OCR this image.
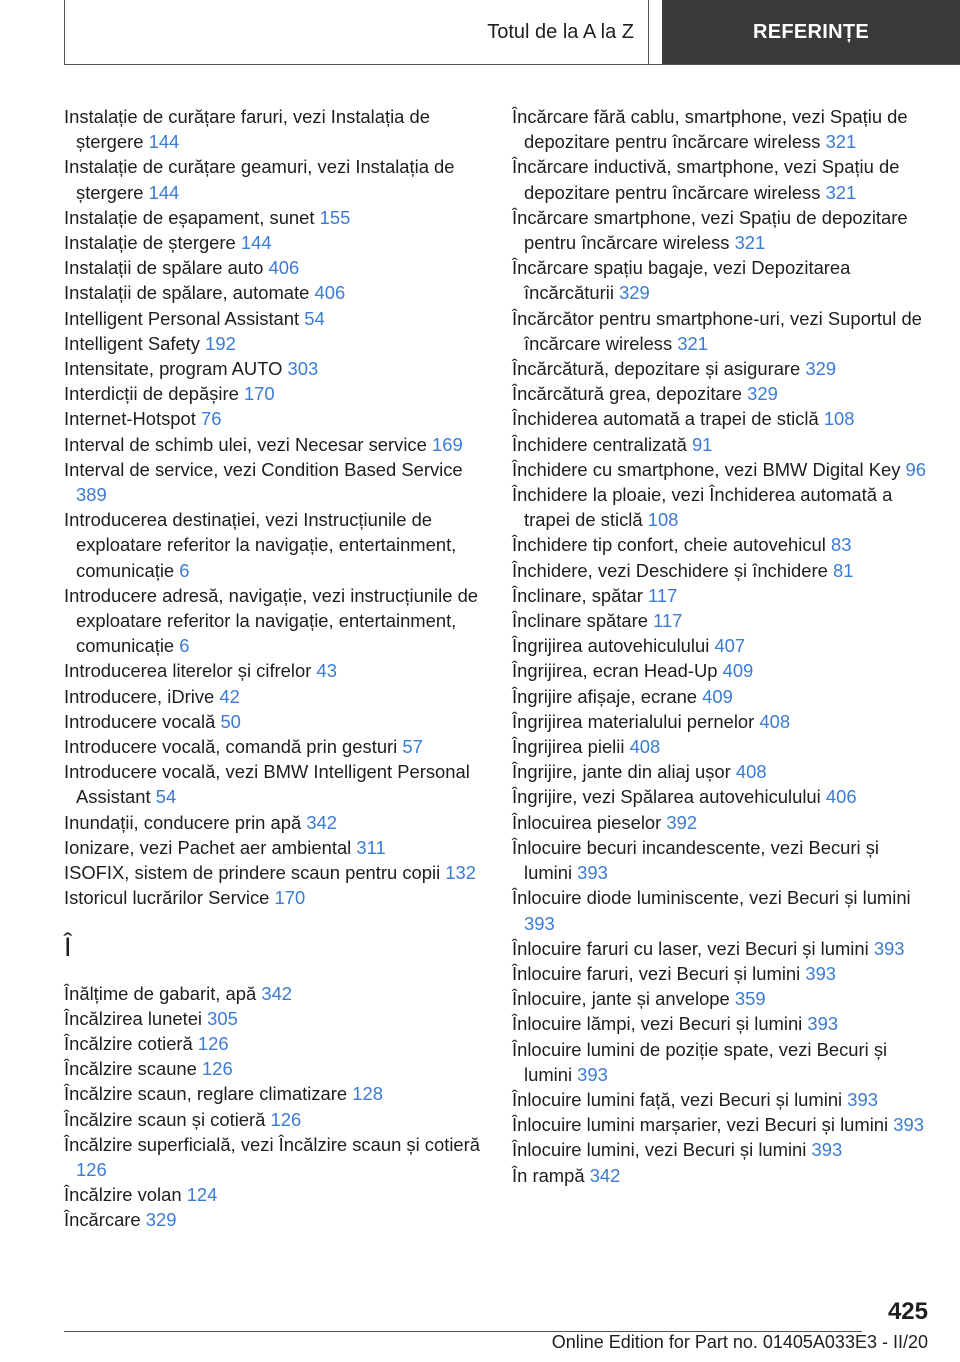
Totul de la A la Z	REFERINȚE
Instalație de curățare faruri, vezi Instalația de ștergere 144
Instalație de curățare geamuri, vezi Instalația de ștergere 144
Instalație de eșapament, sunet 155
Instalație de ștergere 144
Instalații de spălare auto 406
Instalații de spălare, automate 406
Intelligent Personal Assistant 54
Intelligent Safety 192
Intensitate, program AUTO 303
Interdicții de depășire 170
Internet-Hotspot 76
Interval de schimb ulei, vezi Necesar service 169
Interval de service, vezi Condition Based Service 389
Introducerea destinației, vezi Instrucțiunile de exploatare referitor la navigație, entertainment, comunicație 6
Introducere adresă, navigație, vezi instrucțiunile de exploatare referitor la navigație, entertainment, comunicație 6
Introducerea literelor și cifrelor 43
Introducere, iDrive 42
Introducere vocală 50
Introducere vocală, comandă prin gesturi 57
Introducere vocală, vezi BMW Intelligent Personal Assistant 54
Inundații, conducere prin apă 342
Ionizare, vezi Pachet aer ambiental 311
ISOFIX, sistem de prindere scaun pentru copii 132
Istoricul lucrărilor Service 170
Î
Înălțime de gabarit, apă 342
Încălzirea lunetei 305
Încălzire cotieră 126
Încălzire scaune 126
Încălzire scaun, reglare climatizare 128
Încălzire scaun și cotieră 126
Încălzire superficială, vezi Încălzire scaun și cotieră 126
Încălzire volan 124
Încărcare 329
Încărcare fără cablu, smartphone, vezi Spațiu de depozitare pentru încărcare wireless 321
Încărcare inductivă, smartphone, vezi Spațiu de depozitare pentru încărcare wireless 321
Încărcare smartphone, vezi Spațiu de depozitare pentru încărcare wireless 321
Încărcare spațiu bagaje, vezi Depozitarea încărcăturii 329
Încărcător pentru smartphone-uri, vezi Suportul de încărcare wireless 321
Încărcătură, depozitare și asigurare 329
Încărcătură grea, depozitare 329
Închiderea automată a trapei de sticlă 108
Închidere centralizată 91
Închidere cu smartphone, vezi BMW Digital Key 96
Închidere la ploaie, vezi Închiderea automată a trapei de sticlă 108
Închidere tip confort, cheie autovehicul 83
Închidere, vezi Deschidere și închidere 81
Înclinare, spătar 117
Înclinare spătare 117
Îngrijirea autovehiculului 407
Îngrijirea, ecran Head-Up 409
Îngrijire afișaje, ecrane 409
Îngrijirea materialului pernelor 408
Îngrijirea pielii 408
Îngrijire, jante din aliaj ușor 408
Îngrijire, vezi Spălarea autovehiculului 406
Înlocuirea pieselor 392
Înlocuire becuri incandescente, vezi Becuri și lumini 393
Înlocuire diode luminiscente, vezi Becuri și lumini 393
Înlocuire faruri cu laser, vezi Becuri și lumini 393
Înlocuire faruri, vezi Becuri și lumini 393
Înlocuire, jante și anvelope 359
Înlocuire lămpi, vezi Becuri și lumini 393
Înlocuire lumini de poziție spate, vezi Becuri și lumini 393
Înlocuire lumini față, vezi Becuri și lumini 393
Înlocuire lumini marșarier, vezi Becuri și lumini 393
Înlocuire lumini, vezi Becuri și lumini 393
În rampă 342
425
Online Edition for Part no. 01405A033E3 - II/20
